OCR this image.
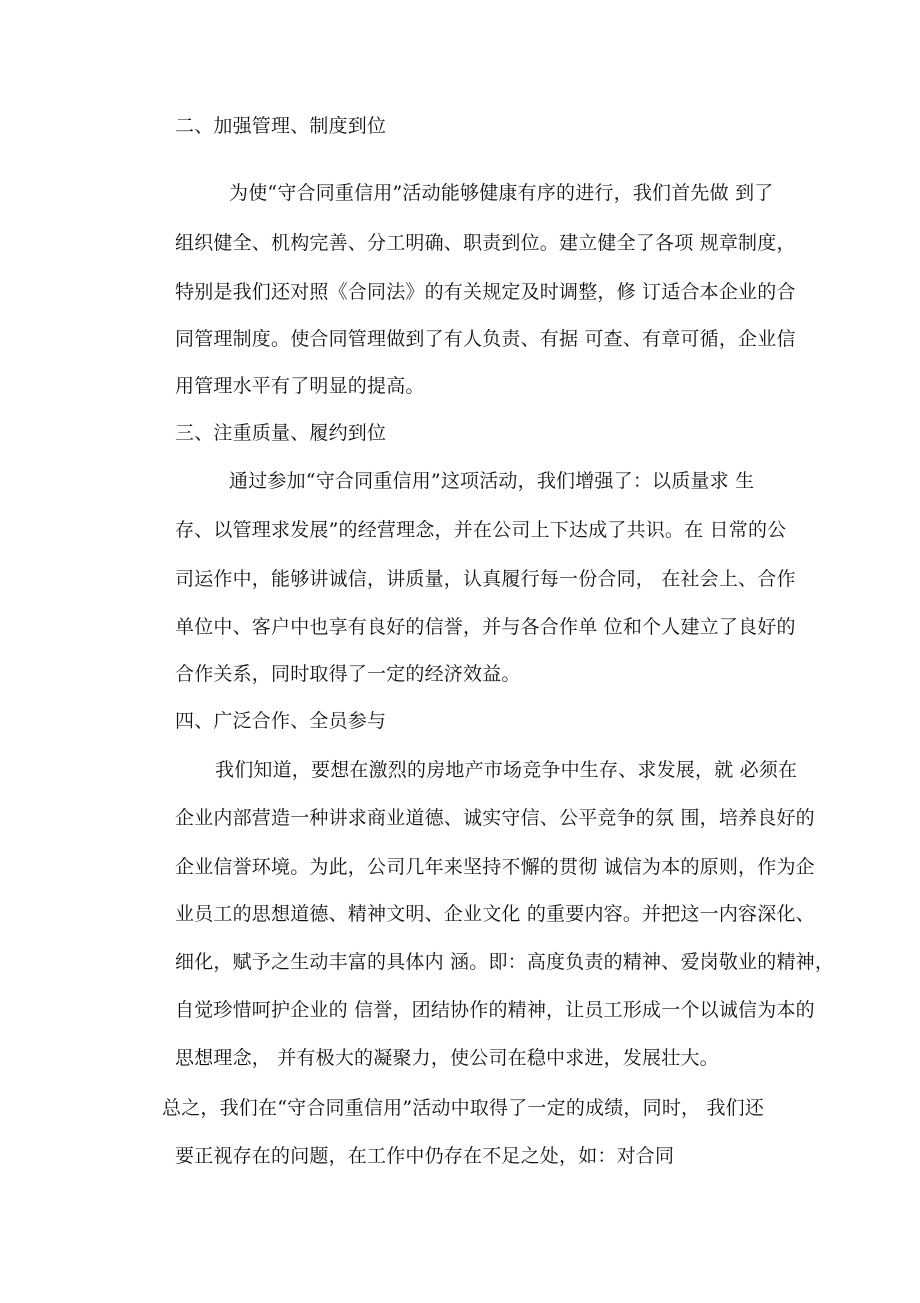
二、加强管理、制度到位
为使“守合同重信用”活动能够健康有序的进行，我们首先做 到了
组织健全、机构完善、分工明确、职责到位。建立健全了各项 规章制度，
特别是我们还对照《合同法》的有关规定及时调整，修 订适合本企业的合
同管理制度。使合同管理做到了有人负责、有据 可查、有章可循，企业信
用管理水平有了明显的提高。
三、注重质量、履约到位
通过参加“守合同重信用”这项活动，我们增强了：以质量求 生
存、以管理求发展”的经营理念，并在公司上下达成了共识。在 日常的公
司运作中，能够讲诚信，讲质量，认真履行每一份合同， 在社会上、合作
单位中、客户中也享有良好的信誉，并与各合作单 位和个人建立了良好的
合作关系，同时取得了一定的经济效益。
四、广泛合作、全员参与
我们知道，要想在激烈的房地产市场竞争中生存、求发展，就 必须在
企业内部营造一种讲求商业道德、诚实守信、公平竞争的氛 围，培养良好的
企业信誉环境。为此，公司几年来坚持不懈的贯彻 诚信为本的原则，作为企
业员工的思想道德、精神文明、企业文化 的重要内容。并把这一内容深化、
细化，赋予之生动丰富的具体内 涵。即：高度负责的精神、爱岗敬业的精神，
自觉珍惜呵护企业的 信誉，团结协作的精神，让员工形成一个以诚信为本的
思想理念， 并有极大的凝聚力，使公司在稳中求进，发展壮大。
总之，我们在“守合同重信用”活动中取得了一定的成绩，同时， 我们还
要正视存在的问题，在工作中仍存在不足之处，如：对合同
